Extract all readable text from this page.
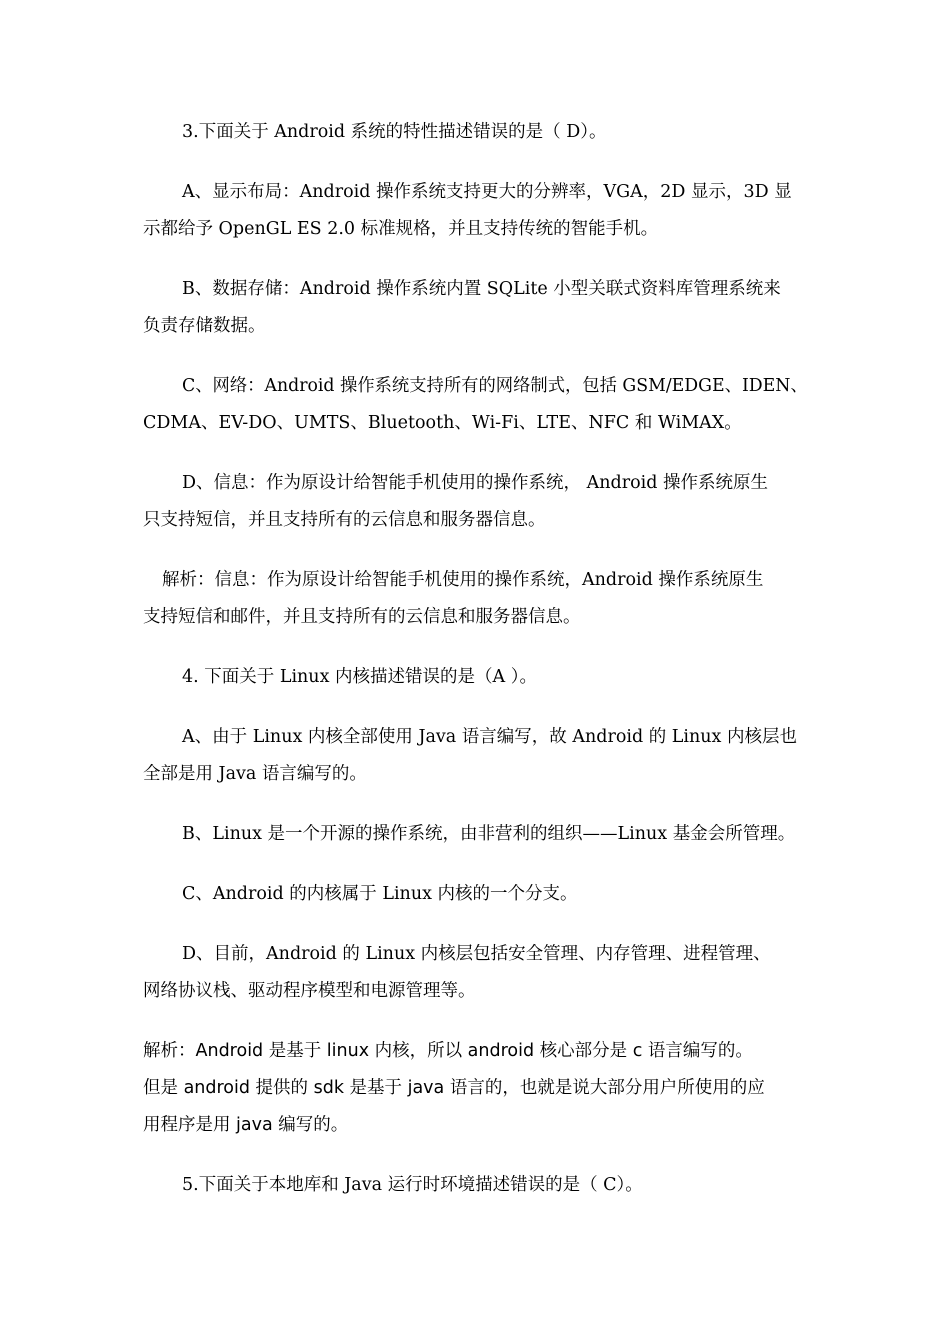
3.下面关于 Android 系统的特性描述错误的是（ D）。
A、显示布局：Android 操作系统支持更大的分辨率，VGA，2D 显示，3D 显
示都给予 OpenGL ES 2.0 标准规格，并且支持传统的智能手机。
B、数据存储：Android 操作系统内置 SQLite 小型关联式资料库管理系统来
负责存储数据。
C、网络：Android 操作系统支持所有的网络制式，包括 GSM/EDGE、IDEN、
CDMA、EV-DO、UMTS、Bluetooth、Wi-Fi、LTE、NFC 和 WiMAX。
D、信息：作为原设计给智能手机使用的操作系统， Android 操作系统原生
只支持短信，并且支持所有的云信息和服务器信息。
解析：信息：作为原设计给智能手机使用的操作系统，Android 操作系统原生
支持短信和邮件，并且支持所有的云信息和服务器信息。
4. 下面关于 Linux 内核描述错误的是（A ）。
A、由于 Linux 内核全部使用 Java 语言编写，故 Android 的 Linux 内核层也
全部是用 Java 语言编写的。
B、Linux 是一个开源的操作系统，由非营利的组织——Linux 基金会所管理。
C、Android 的内核属于 Linux 内核的一个分支。
D、目前，Android 的 Linux 内核层包括安全管理、内存管理、进程管理、
网络协议栈、驱动程序模型和电源管理等。
解析：Android 是基于 linux 内核，所以 android 核心部分是 c 语言编写的。
但是 android 提供的 sdk 是基于 java 语言的，也就是说大部分用户所使用的应
用程序是用 java 编写的。
5.下面关于本地库和 Java 运行时环境描述错误的是（ C）。
